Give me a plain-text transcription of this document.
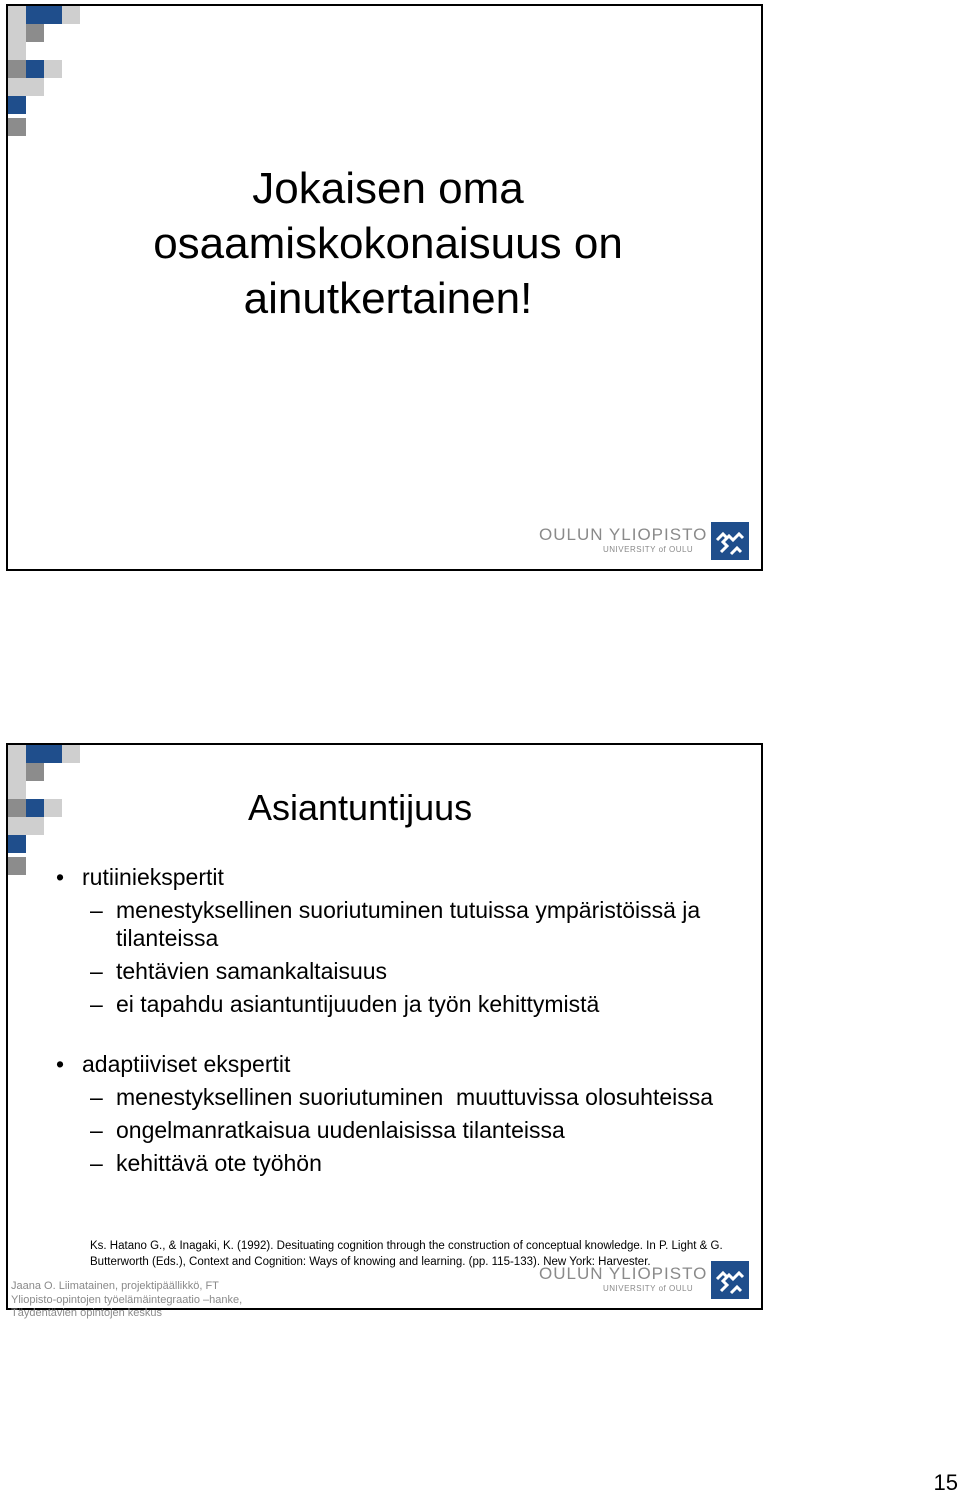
Jokaisen oma
osaamiskokonaisuus on
ainutkertainen!
OULUN YLIOPISTO
UNIVERSITY of OULU
Asiantuntijuus
• rutiiniekspertit
– menestyksellinen suoriutuminen tutuissa ympäristöissä ja tilanteissa
– tehtävien samankaltaisuus
– ei tapahdu asiantuntijuuden ja työn kehittymistä
• adaptiiviset ekspertit
– menestyksellinen suoriutuminen  muuttuvissa olosuhteissa
– ongelmanratkaisua uudenlaisissa tilanteissa
– kehittävä ote työhön
Ks. Hatano G., & Inagaki, K. (1992). Desituating cognition through the construction of conceptual knowledge. In P. Light & G. Butterworth (Eds.), Context and Cognition: Ways of knowing and learning. (pp. 115-133). New York: Harvester.
Jaana O. Liimatainen, projektipäällikkö, FT
Yliopisto-opintojen työelämäintegraatio –hanke,
Täydentävien opintojen keskus
OULUN YLIOPISTO
UNIVERSITY of OULU
15
